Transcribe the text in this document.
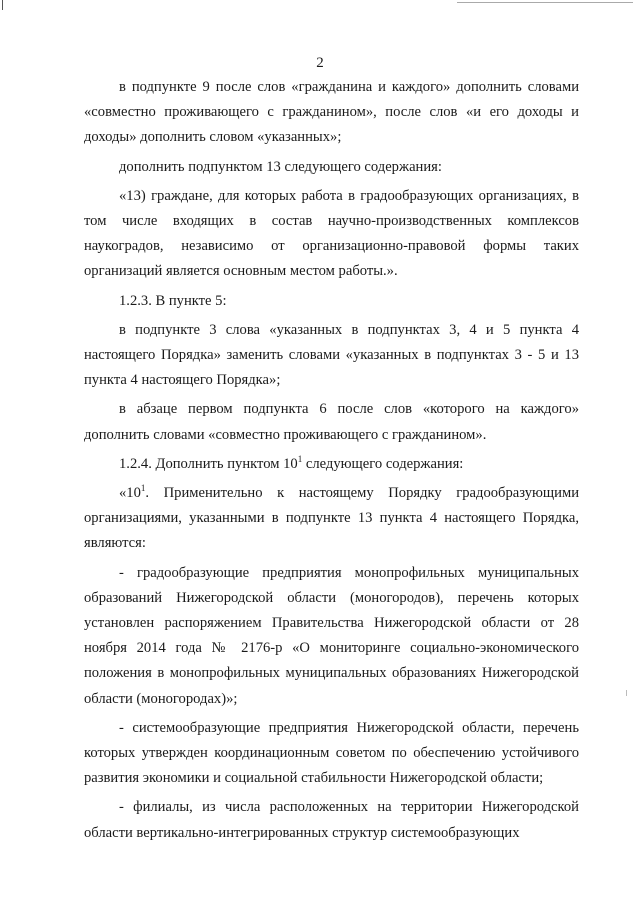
2

в подпункте 9 после слов «гражданина и каждого» дополнить словами «совместно проживающего с гражданином», после слов «и его доходы и доходы» дополнить словом «указанных»;

дополнить подпунктом 13 следующего содержания:

«13) граждане, для которых работа в градообразующих организациях, в том числе входящих в состав научно-производственных комплексов наукоградов, независимо от организационно-правовой формы таких организаций является основным местом работы.».

1.2.3. В пункте 5:

в подпункте 3 слова «указанных в подпунктах 3, 4 и 5 пункта 4 настоящего Порядка» заменить словами «указанных в подпунктах 3 - 5 и 13 пункта 4 настоящего Порядка»;

в абзаце первом подпункта 6 после слов «которого на каждого» дополнить словами «совместно проживающего с гражданином».

1.2.4. Дополнить пунктом $10^1$ следующего содержания:

«$10^1$. Применительно к настоящему Порядку градообразующими организациями, указанными в подпункте 13 пункта 4 настоящего Порядка, являются:

- градообразующие предприятия монопрофильных муниципальных образований Нижегородской области (моногородов), перечень которых установлен распоряжением Правительства Нижегородской области от 28 ноября 2014 года № 2176-р «О мониторинге социально-экономического положения в монопрофильных муниципальных образованиях Нижегородской области (моногородах)»;

- системообразующие предприятия Нижегородской области, перечень которых утвержден координационным советом по обеспечению устойчивого развития экономики и социальной стабильности Нижегородской области;

- филиалы, из числа расположенных на территории Нижегородской области вертикально-интегрированных структур системообразующих
